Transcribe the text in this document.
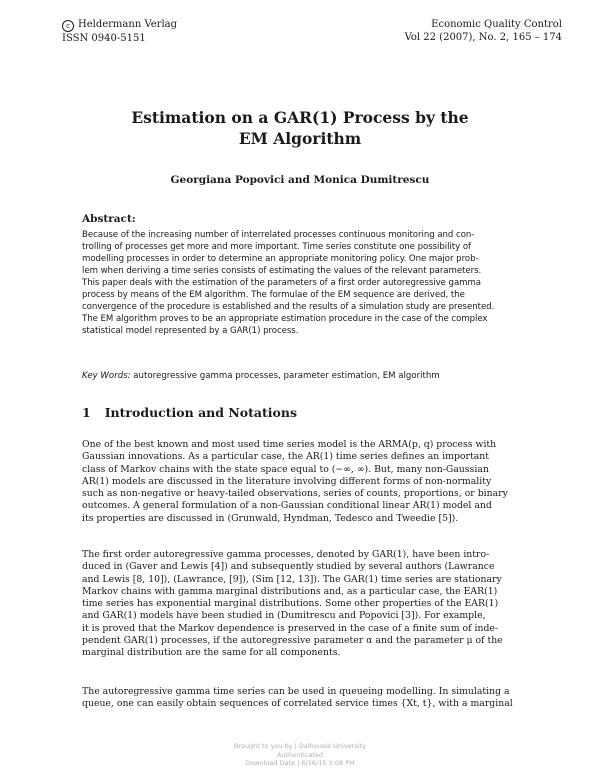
c Heldermann Verlag
ISSN 0940-5151
Economic Quality Control
Vol 22 (2007), No. 2, 165 – 174
Estimation on a GAR(1) Process by the
EM Algorithm
Georgiana Popovici and Monica Dumitrescu
Abstract:
Because of the increasing number of interrelated processes continuous monitoring and con-
trolling of processes get more and more important. Time series constitute one possibility of
modelling processes in order to determine an appropriate monitoring policy. One major prob-
lem when deriving a time series consists of estimating the values of the relevant parameters.
This paper deals with the estimation of the parameters of a first order autoregressive gamma
process by means of the EM algorithm. The formulae of the EM sequence are derived, the
convergence of the procedure is established and the results of a simulation study are presented.
The EM algorithm proves to be an appropriate estimation procedure in the case of the complex
statistical model represented by a GAR(1) process.
Key Words: autoregressive gamma processes, parameter estimation, EM algorithm
1 Introduction and Notations
One of the best known and most used time series model is the ARMA(p, q) process with
Gaussian innovations. As a particular case, the AR(1) time series defines an important
class of Markov chains with the state space equal to (−∞, ∞). But, many non-Gaussian
AR(1) models are discussed in the literature involving different forms of non-normality
such as non-negative or heavy-tailed observations, series of counts, proportions, or binary
outcomes. A general formulation of a non-Gaussian conditional linear AR(1) model and
its properties are discussed in (Grunwald, Hyndman, Tedesco and Tweedie [5]).
The first order autoregressive gamma processes, denoted by GAR(1), have been intro-
duced in (Gaver and Lewis [4]) and subsequently studied by several authors (Lawrance
and Lewis [8, 10]), (Lawrance, [9]), (Sim [12, 13]). The GAR(1) time series are stationary
Markov chains with gamma marginal distributions and, as a particular case, the EAR(1)
time series has exponential marginal distributions. Some other properties of the EAR(1)
and GAR(1) models have been studied in (Dumitrescu and Popovici [3]). For example,
it is proved that the Markov dependence is preserved in the case of a finite sum of inde-
pendent GAR(1) processes, if the autoregressive parameter α and the parameter μ of the
marginal distribution are the same for all components.
The autoregressive gamma time series can be used in queueing modelling. In simulating a
queue, one can easily obtain sequences of correlated service times {Xt, t}, with a marginal
Brought to you by | Dalhousie University
Authenticated
Download Date | 6/16/15 5:08 PM
